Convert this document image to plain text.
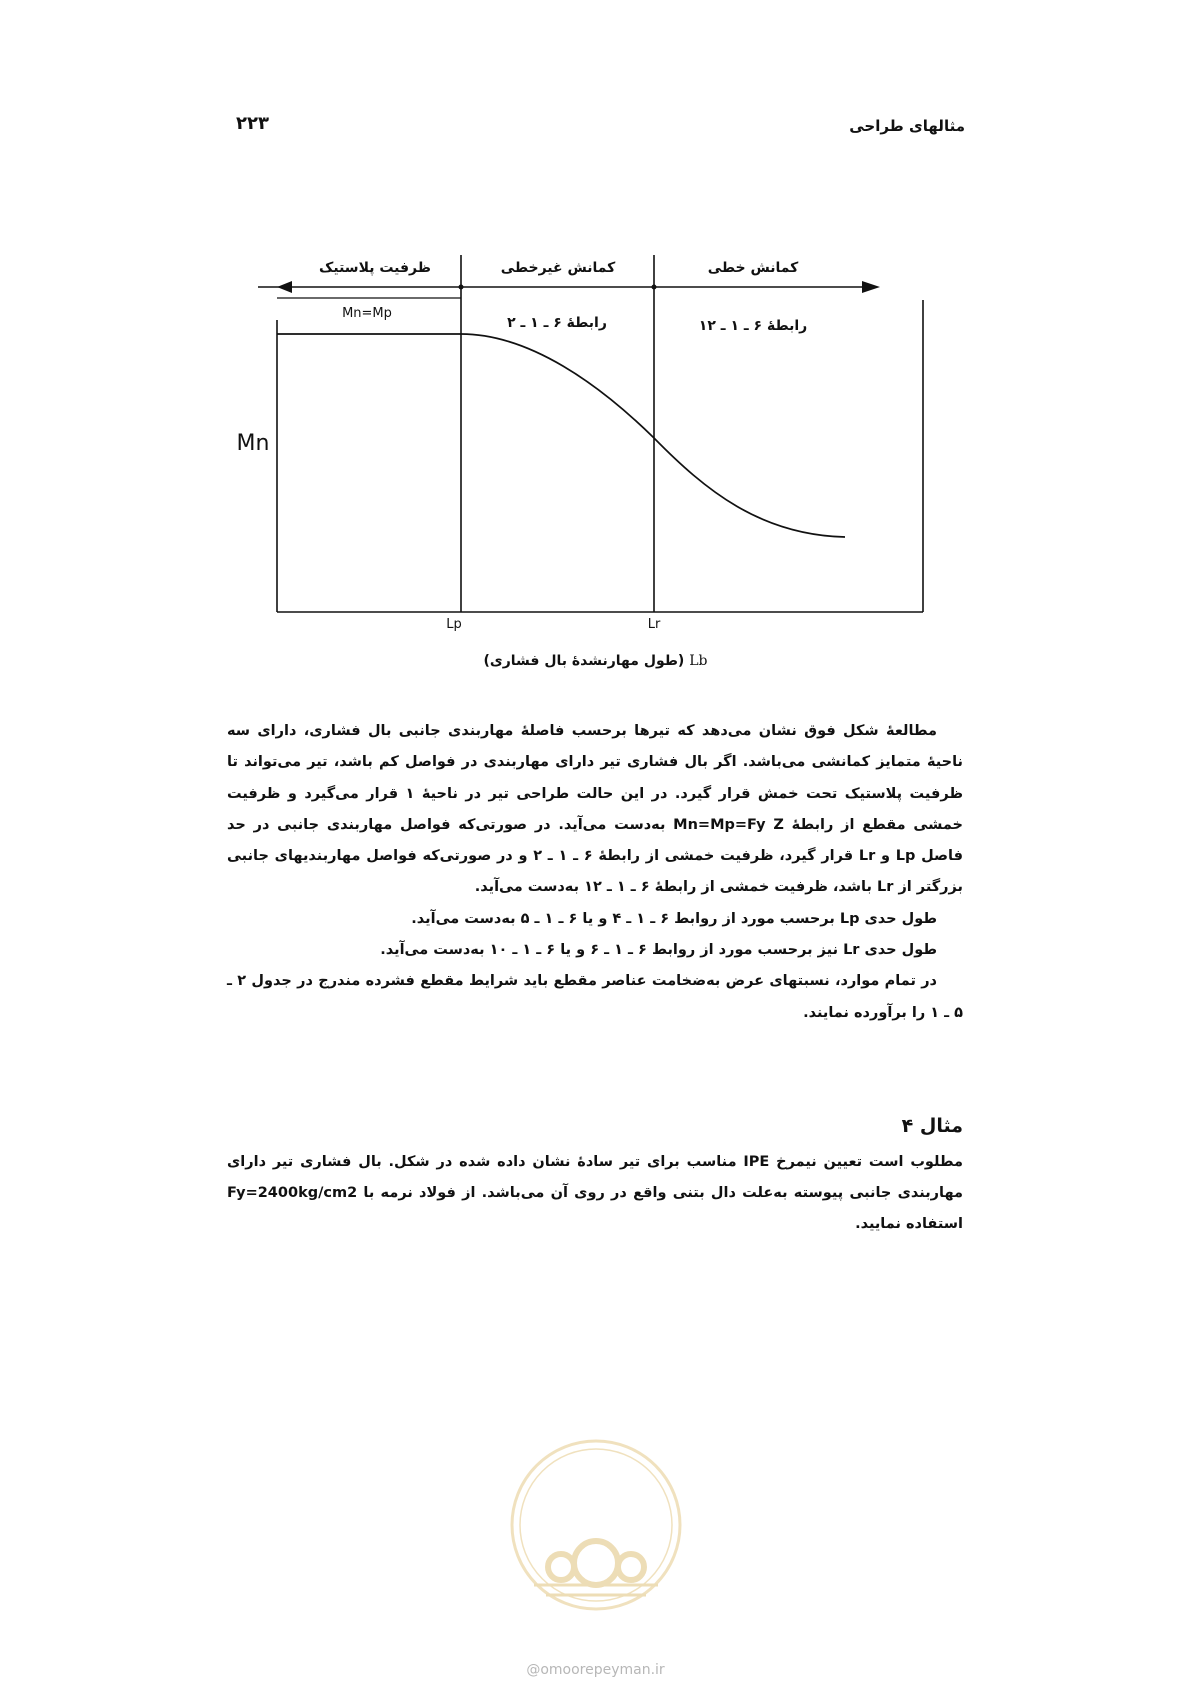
مثالهای طراحی
۲۲۳
ظرفیت پلاستیک	کمانش غیرخطی	کمانش خطی
Mn=Mp
رابطهٔ ۶ ـ ۱ ـ ۲	رابطهٔ ۶ ـ ۱ ـ ۱۲
Mn
Lp	Lr
Lb (طول مهارنشدهٔ بال فشاری)

مطالعهٔ شکل فوق نشان می‌دهد که تیرها برحسب فاصلهٔ مهاربندی جانبی بال فشاری، دارای سه ناحیهٔ متمایز کمانشی می‌باشد. اگر بال فشاری تیر دارای مهاربندی در فواصل کم باشد، تیر می‌تواند تا ظرفیت پلاستیک تحت خمش قرار گیرد. در این حالت طراحی تیر در ناحیهٔ ۱ قرار می‌گیرد و ظرفیت خمشی مقطع از رابطهٔ Mn=Mp=Fy Z به‌دست می‌آید. در صورتی‌که فواصل مهاربندی جانبی در حد فاصل Lp و Lr قرار گیرد، ظرفیت خمشی از رابطهٔ ۶ ـ ۱ ـ ۲ و در صورتی‌که فواصل مهاربندیهای جانبی بزرگتر از Lr باشد، ظرفیت خمشی از رابطهٔ ۶ ـ ۱ ـ ۱۲ به‌دست می‌آید.

طول حدی Lp برحسب مورد از روابط ۶ ـ ۱ ـ ۴ و یا ۶ ـ ۱ ـ ۵ به‌دست می‌آید.

طول حدی Lr نیز برحسب مورد از روابط ۶ ـ ۱ ـ ۶ و یا ۶ ـ ۱ ـ ۱۰ به‌دست می‌آید.

در تمام موارد، نسبتهای عرض به‌ضخامت عناصر مقطع باید شرایط مقطع فشرده مندرج در جدول ۲ ـ ۵ ـ ۱ را برآورده نمایند.

مثال ۴

مطلوب است تعیین نیمرخ IPE مناسب برای تیر سادهٔ نشان داده شده در شکل. بال فشاری تیر دارای مهاربندی جانبی پیوسته به‌علت دال بتنی واقع در روی آن می‌باشد. از فولاد نرمه با Fy=2400kg/cm2 استفاده نمایید.

@omoorepeyman.ir
